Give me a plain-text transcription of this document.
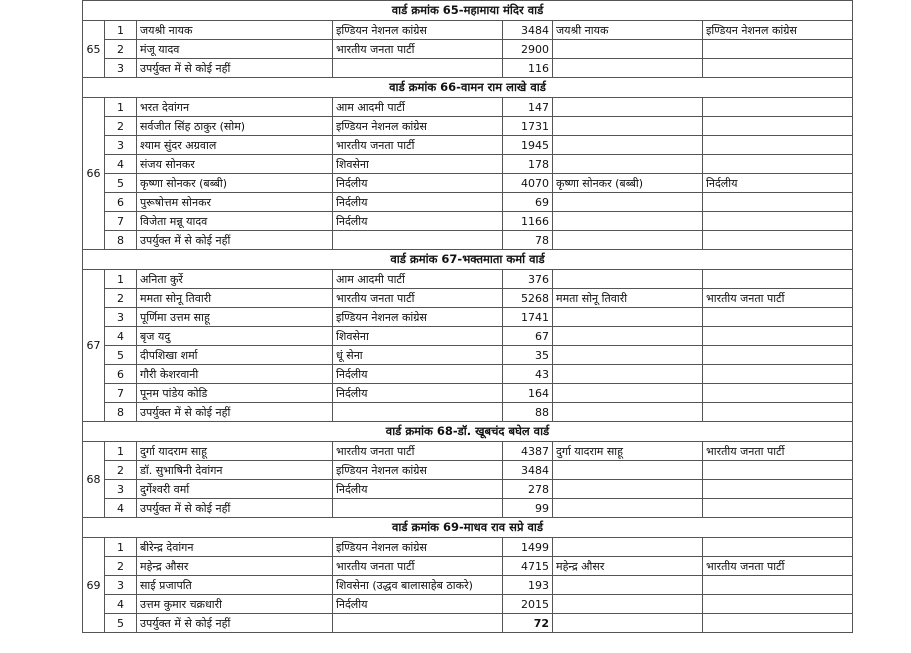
वार्ड क्रमांक 65-महामाया मंदिर वार्ड						
65	1	जयश्री नायक	इण्डियन नेशनल कांग्रेस	3484	जयश्री नायक	इण्डियन नेशनल कांग्रेस
	2	मंजू यादव	भारतीय जनता पार्टी	2900		
	3	उपर्युक्त में से कोई नहीं		116		
वार्ड क्रमांक 66-वामन राम लाखे वार्ड						
66	1	भरत देवांगन	आम आदमी पार्टी	147		
	2	सर्वजीत सिंह ठाकुर (सोम)	इण्डियन नेशनल कांग्रेस	1731		
	3	श्याम सुंदर अग्रवाल	भारतीय जनता पार्टी	1945		
	4	संजय सोनकर	शिवसेना	178		
	5	कृष्णा सोनकर (बब्बी)	निर्दलीय	4070	कृष्णा सोनकर (बब्बी)	निर्दलीय
	6	पुरूषोत्तम सोनकर	निर्दलीय	69		
	7	विजेता मन्नू यादव	निर्दलीय	1166		
	8	उपर्युक्त में से कोई नहीं		78		
वार्ड क्रमांक 67-भक्तमाता कर्मा वार्ड						
67	1	अनिता कुर्रे	आम आदमी पार्टी	376		
	2	ममता सोनू तिवारी	भारतीय जनता पार्टी	5268	ममता सोनू तिवारी	भारतीय जनता पार्टी
	3	पूर्णिमा उत्तम साहू	इण्डियन नेशनल कांग्रेस	1741		
	4	बृज यदु	शिवसेना	67		
	5	दीपशिखा शर्मा	धूं सेना	35		
	6	गौरी केशरवानी	निर्दलीय	43		
	7	पूनम पांडेय कोडि	निर्दलीय	164		
	8	उपर्युक्त में से कोई नहीं		88		
वार्ड क्रमांक 68-डॉ. खूबचंद बघेल वार्ड						
68	1	दुर्गा यादराम साहू	भारतीय जनता पार्टी	4387	दुर्गा यादराम साहू	भारतीय जनता पार्टी
	2	डॉ. सुभाषिनी देवांगन	इण्डियन नेशनल कांग्रेस	3484		
	3	दुर्गेश्वरी वर्मा	निर्दलीय	278		
	4	उपर्युक्त में से कोई नहीं		99		
वार्ड क्रमांक 69-माधव राव सप्रे वार्ड						
69	1	बीरेन्द्र देवांगन	इण्डियन नेशनल कांग्रेस	1499		
	2	महेन्द्र औसर	भारतीय जनता पार्टी	4715	महेन्द्र औसर	भारतीय जनता पार्टी
	3	साई प्रजापति	शिवसेना (उद्धव बालासाहेब ठाकरे)	193		
	4	उत्तम कुमार चक्रधारी	निर्दलीय	2015		
	5	उपर्युक्त में से कोई नहीं		72		
